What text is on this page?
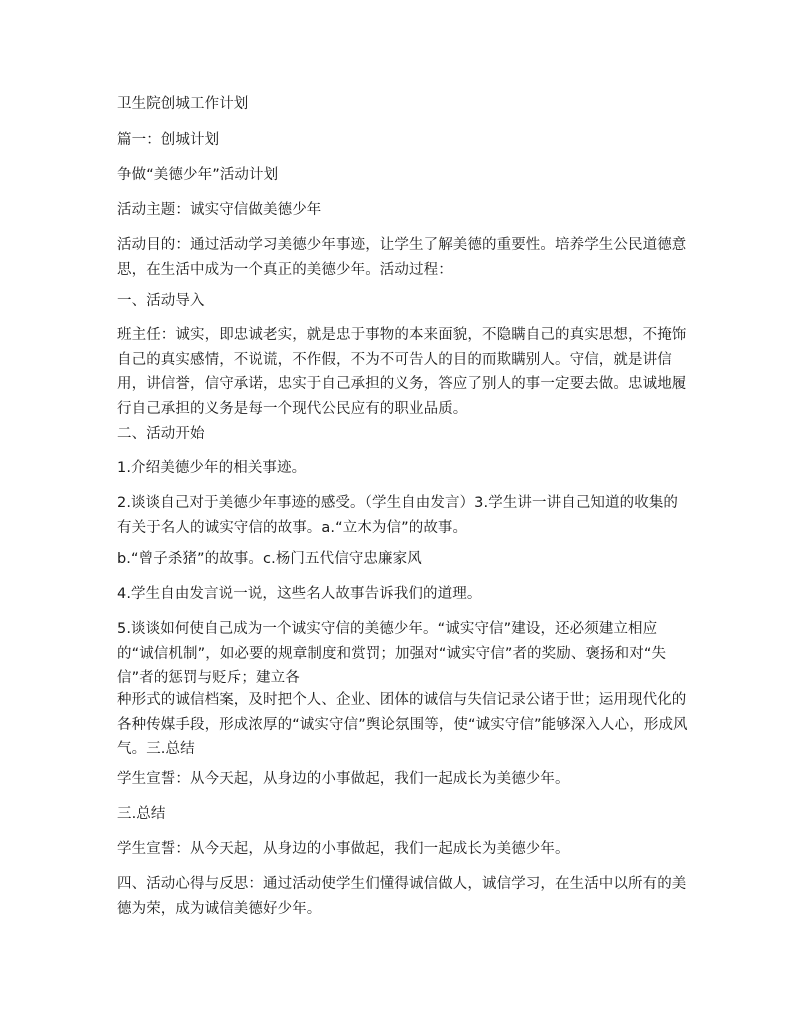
卫生院创城工作计划

篇一：创城计划

争做“美德少年”活动计划

活动主题：诚实守信做美德少年

活动目的：通过活动学习美德少年事迹，让学生了解美德的重要性。培养学生公民道德意思，在生活中成为一个真正的美德少年。活动过程：

一、活动导入

班主任：诚实，即忠诚老实，就是忠于事物的本来面貌，不隐瞒自己的真实思想，不掩饰自己的真实感情，不说谎，不作假，不为不可告人的目的而欺瞒别人。守信，就是讲信用，讲信誉，信守承诺，忠实于自己承担的义务，答应了别人的事一定要去做。忠诚地履行自己承担的义务是每一个现代公民应有的职业品质。

二、活动开始

1.介绍美德少年的相关事迹。

2.谈谈自己对于美德少年事迹的感受。（学生自由发言）3.学生讲一讲自己知道的收集的有关于名人的诚实守信的故事。a.“立木为信”的故事。

b.“曾子杀猪”的故事。c.杨门五代信守忠廉家风

4.学生自由发言说一说，这些名人故事告诉我们的道理。

5.谈谈如何使自己成为一个诚实守信的美德少年。“诚实守信”建设，还必须建立相应的“诚信机制”，如必要的规章制度和赏罚；加强对“诚实守信”者的奖励、褒扬和对“失信”者的惩罚与贬斥；建立各

种形式的诚信档案，及时把个人、企业、团体的诚信与失信记录公诸于世；运用现代化的各种传媒手段，形成浓厚的“诚实守信”舆论氛围等，使“诚实守信”能够深入人心，形成风气。三.总结

学生宣誓：从今天起，从身边的小事做起，我们一起成长为美德少年。

三.总结

学生宣誓：从今天起，从身边的小事做起，我们一起成长为美德少年。

四、活动心得与反思：通过活动使学生们懂得诚信做人，诚信学习，在生活中以所有的美德为荣，成为诚信美德好少年。
